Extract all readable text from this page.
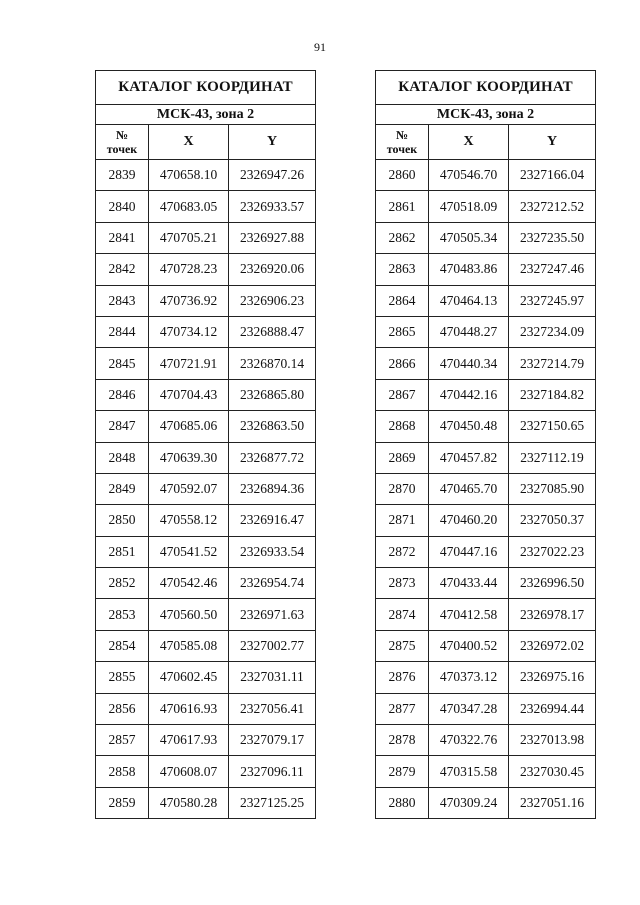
91
КАТАЛОГ КООРДИНАТ		
МСК-43, зона 2		
№
точек	X	Y
2839	470658.10	2326947.26
2840	470683.05	2326933.57
2841	470705.21	2326927.88
2842	470728.23	2326920.06
2843	470736.92	2326906.23
2844	470734.12	2326888.47
2845	470721.91	2326870.14
2846	470704.43	2326865.80
2847	470685.06	2326863.50
2848	470639.30	2326877.72
2849	470592.07	2326894.36
2850	470558.12	2326916.47
2851	470541.52	2326933.54
2852	470542.46	2326954.74
2853	470560.50	2326971.63
2854	470585.08	2327002.77
2855	470602.45	2327031.11
2856	470616.93	2327056.41
2857	470617.93	2327079.17
2858	470608.07	2327096.11
2859	470580.28	2327125.25
КАТАЛОГ КООРДИНАТ		
МСК-43, зона 2		
№
точек	X	Y
2860	470546.70	2327166.04
2861	470518.09	2327212.52
2862	470505.34	2327235.50
2863	470483.86	2327247.46
2864	470464.13	2327245.97
2865	470448.27	2327234.09
2866	470440.34	2327214.79
2867	470442.16	2327184.82
2868	470450.48	2327150.65
2869	470457.82	2327112.19
2870	470465.70	2327085.90
2871	470460.20	2327050.37
2872	470447.16	2327022.23
2873	470433.44	2326996.50
2874	470412.58	2326978.17
2875	470400.52	2326972.02
2876	470373.12	2326975.16
2877	470347.28	2326994.44
2878	470322.76	2327013.98
2879	470315.58	2327030.45
2880	470309.24	2327051.16
